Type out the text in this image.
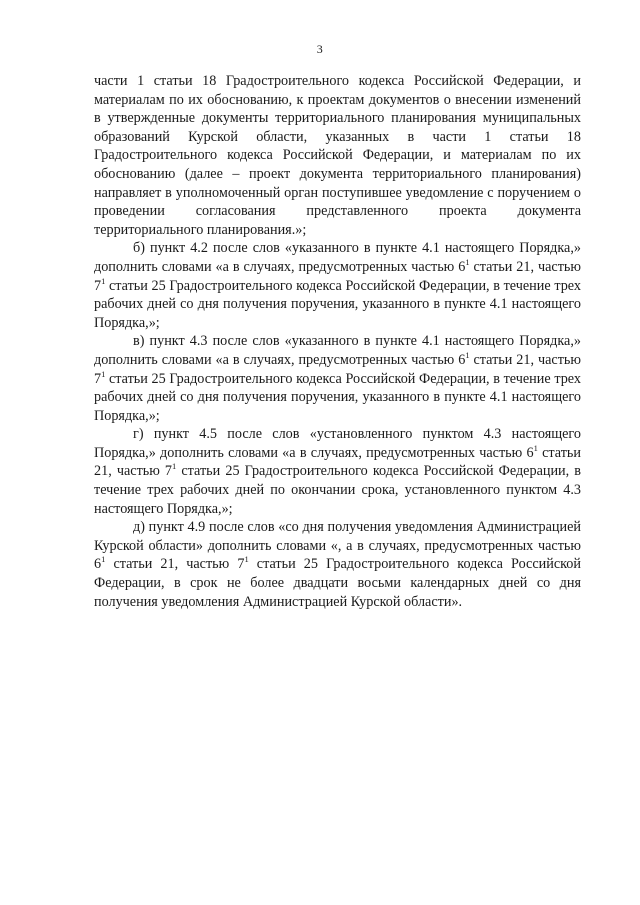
3

части 1 статьи 18 Градостроительного кодекса Российской Федерации, и материалам по их обоснованию, к проектам документов о внесении изменений в утвержденные документы территориального планирования муниципальных образований Курской области, указанных в части 1 статьи 18 Градостроительного кодекса Российской Федерации, и материалам по их обоснованию (далее – проект документа территориального планирования) направляет в уполномоченный орган поступившее уведомление с поручением о проведении согласования представленного проекта документа территориального планирования.»;

б) пункт 4.2 после слов «указанного в пункте 4.1 настоящего Порядка,» дополнить словами «а в случаях, предусмотренных частью $6^1$ статьи 21, частью $7^1$ статьи 25 Градостроительного кодекса Российской Федерации, в течение трех рабочих дней со дня получения поручения, указанного в пункте 4.1 настоящего Порядка,»;

в) пункт 4.3 после слов «указанного в пункте 4.1 настоящего Порядка,» дополнить словами «а в случаях, предусмотренных частью $6^1$ статьи 21, частью $7^1$ статьи 25 Градостроительного кодекса Российской Федерации, в течение трех рабочих дней со дня получения поручения, указанного в пункте 4.1 настоящего Порядка,»;

г) пункт 4.5 после слов «установленного пунктом 4.3 настоящего Порядка,» дополнить словами «а в случаях, предусмотренных частью $6^1$ статьи 21, частью $7^1$ статьи 25 Градостроительного кодекса Российской Федерации, в течение трех рабочих дней по окончании срока, установленного пунктом 4.3 настоящего Порядка,»;

д) пункт 4.9 после слов «со дня получения уведомления Администрацией Курской области» дополнить словами «, а в случаях, предусмотренных частью $6^1$ статьи 21, частью $7^1$ статьи 25 Градостроительного кодекса Российской Федерации, в срок не более двадцати восьми календарных дней со дня получения уведомления Администрацией Курской области».
